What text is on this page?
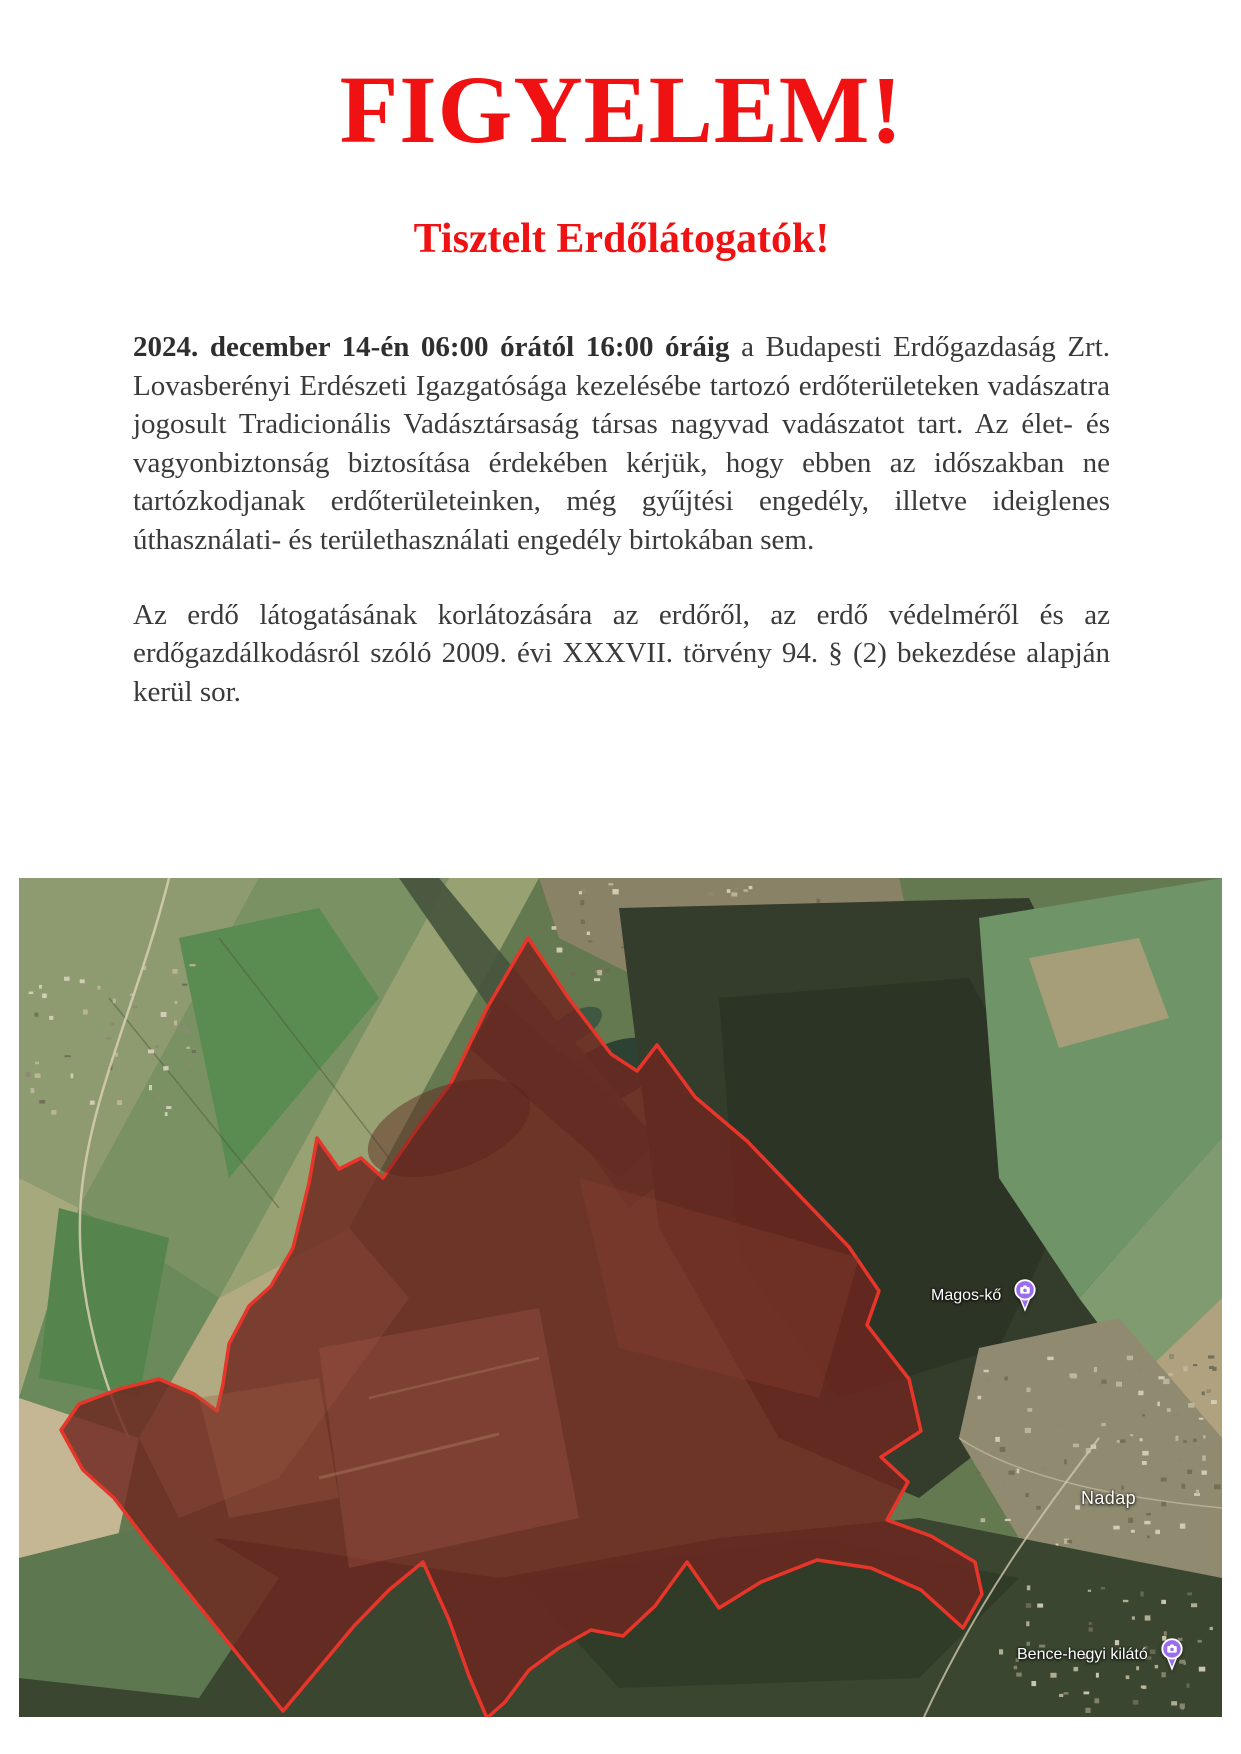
FIGYELEM!
Tisztelt Erdőlátogatók!

2024. december 14-én 06:00 órától 16:00 óráig a Budapesti Erdőgazdaság Zrt. Lovasberényi Erdészeti Igazgatósága kezelésébe tartozó erdőterületeken vadászatra jogosult Tradicionális Vadásztársaság társas nagyvad vadászatot tart. Az élet- és vagyonbiztonság biztosítása érdekében kérjük, hogy ebben az időszakban ne tartózkodjanak erdőterületeinken, még gyűjtési engedély, illetve ideiglenes úthasználati- és területhasználati engedély birtokában sem.

Az erdő látogatásának korlátozására az erdőről, az erdő védelméről és az erdőgazdálkodásról szóló 2009. évi XXXVII. törvény 94. § (2) bekezdése alapján kerül sor.

Magos-kő
Nadap
Bence-hegyi kilátó
